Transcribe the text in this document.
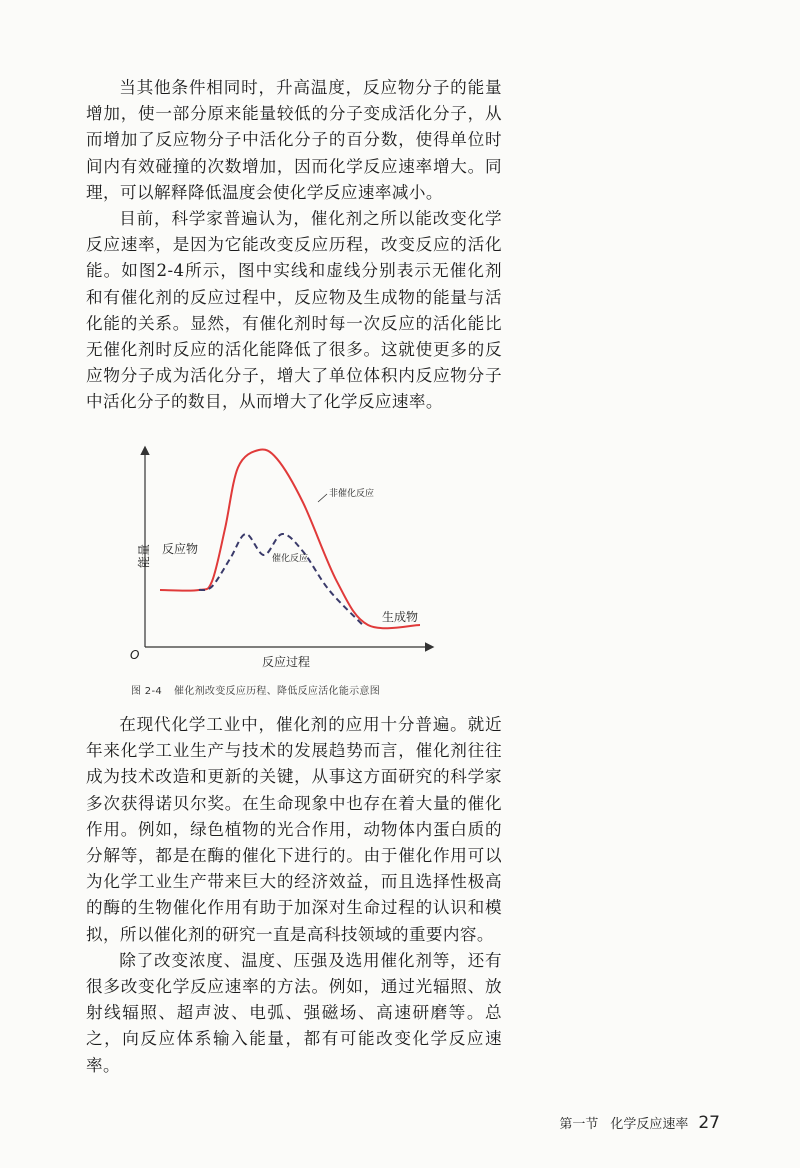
当其他条件相同时，升高温度，反应物分子的能量增加，使一部分原来能量较低的分子变成活化分子，从而增加了反应物分子中活化分子的百分数，使得单位时间内有效碰撞的次数增加，因而化学反应速率增大。同理，可以解释降低温度会使化学反应速率减小。

目前，科学家普遍认为，催化剂之所以能改变化学反应速率，是因为它能改变反应历程，改变反应的活化能。如图2-4所示，图中实线和虚线分别表示无催化剂和有催化剂的反应过程中，反应物及生成物的能量与活化能的关系。显然，有催化剂时每一次反应的活化能比无催化剂时反应的活化能降低了很多。这就使更多的反应物分子成为活化分子，增大了单位体积内反应物分子中活化分子的数目，从而增大了化学反应速率。

O	反应过程
能量 反应物
生成物
非催化反应
催化反应
图 2-4 催化剂改变反应历程、降低反应活化能示意图

在现代化学工业中，催化剂的应用十分普遍。就近年来化学工业生产与技术的发展趋势而言，催化剂往往成为技术改造和更新的关键，从事这方面研究的科学家多次获得诺贝尔奖。在生命现象中也存在着大量的催化作用。例如，绿色植物的光合作用，动物体内蛋白质的分解等，都是在酶的催化下进行的。由于催化作用可以为化学工业生产带来巨大的经济效益，而且选择性极高的酶的生物催化作用有助于加深对生命过程的认识和模拟，所以催化剂的研究一直是高科技领域的重要内容。

除了改变浓度、温度、压强及选用催化剂等，还有很多改变化学反应速率的方法。例如，通过光辐照、放射线辐照、超声波、电弧、强磁场、高速研磨等。总之，向反应体系输入能量，都有可能改变化学反应速率。

第一节 化学反应速率 27
